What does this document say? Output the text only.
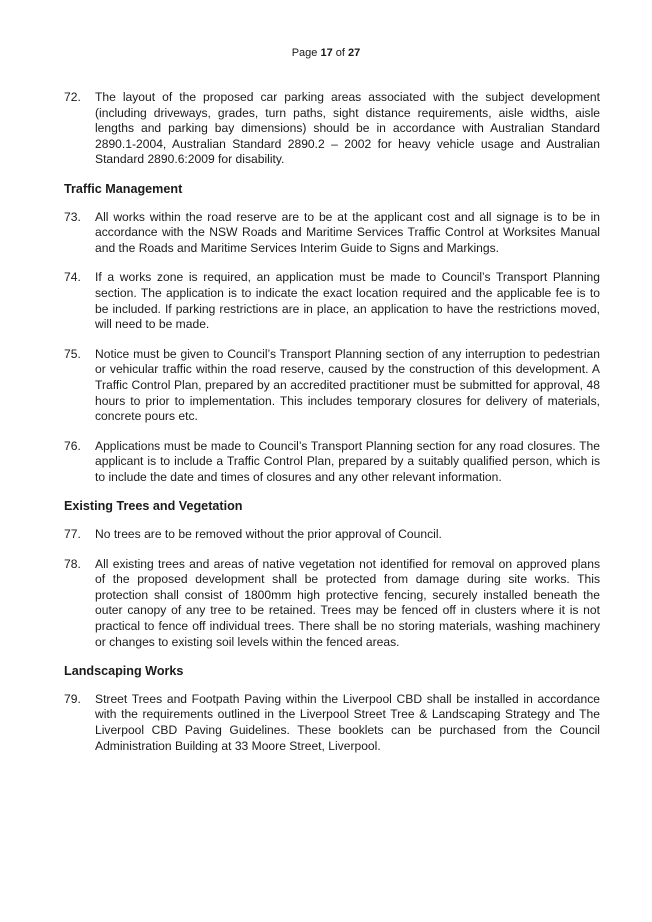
Page 17 of 27
72.	The layout of the proposed car parking areas associated with the subject development (including driveways, grades, turn paths, sight distance requirements, aisle widths, aisle lengths and parking bay dimensions) should be in accordance with Australian Standard 2890.1-2004, Australian Standard 2890.2 – 2002 for heavy vehicle usage and Australian Standard 2890.6:2009 for disability.
Traffic Management
73.	All works within the road reserve are to be at the applicant cost and all signage is to be in accordance with the NSW Roads and Maritime Services Traffic Control at Worksites Manual and the Roads and Maritime Services Interim Guide to Signs and Markings.
74.	If a works zone is required, an application must be made to Council’s Transport Planning section. The application is to indicate the exact location required and the applicable fee is to be included. If parking restrictions are in place, an application to have the restrictions moved, will need to be made.
75.	Notice must be given to Council’s Transport Planning section of any interruption to pedestrian or vehicular traffic within the road reserve, caused by the construction of this development. A Traffic Control Plan, prepared by an accredited practitioner must be submitted for approval, 48 hours to prior to implementation. This includes temporary closures for delivery of materials, concrete pours etc.
76.	Applications must be made to Council’s Transport Planning section for any road closures. The applicant is to include a Traffic Control Plan, prepared by a suitably qualified person, which is to include the date and times of closures and any other relevant information.
Existing Trees and Vegetation
77.	No trees are to be removed without the prior approval of Council.
78.	All existing trees and areas of native vegetation not identified for removal on approved plans of the proposed development shall be protected from damage during site works. This protection shall consist of 1800mm high protective fencing, securely installed beneath the outer canopy of any tree to be retained. Trees may be fenced off in clusters where it is not practical to fence off individual trees. There shall be no storing materials, washing machinery or changes to existing soil levels within the fenced areas.
Landscaping Works
79.	Street Trees and Footpath Paving within the Liverpool CBD shall be installed in accordance with the requirements outlined in the Liverpool Street Tree & Landscaping Strategy and The Liverpool CBD Paving Guidelines. These booklets can be purchased from the Council Administration Building at 33 Moore Street, Liverpool.
